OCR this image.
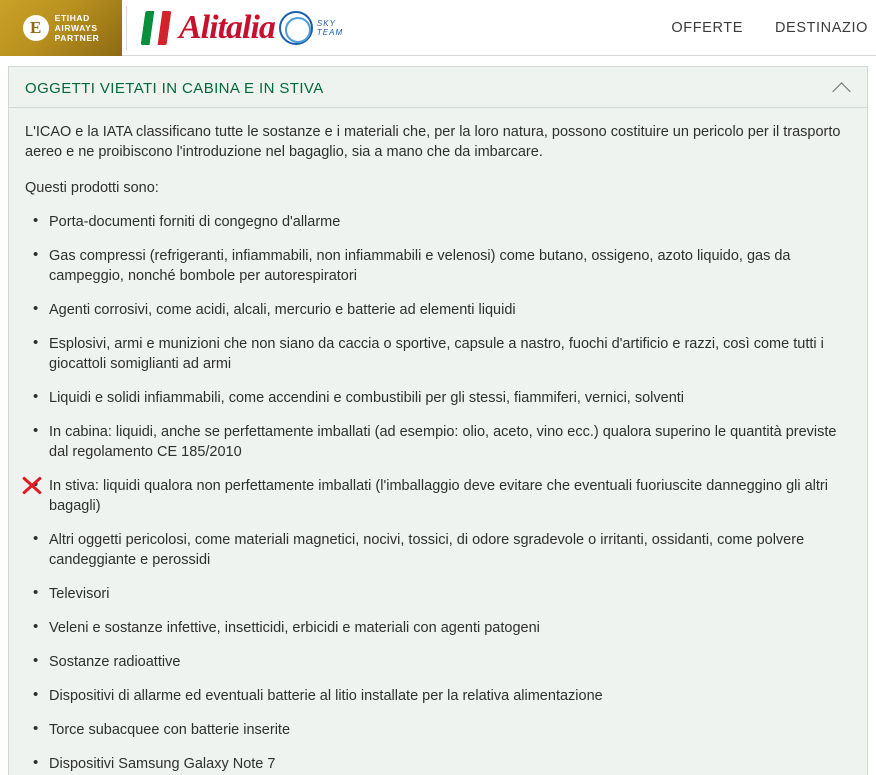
E	ETIHAD
AIRWAYS
PARTNER Alitalia	SKY
TEAM	OFFERTE DESTINAZIO
OGGETTI VIETATI IN CABINA E IN STIVA

L'ICAO e la IATA classificano tutte le sostanze e i materiali che, per la loro natura, possono costituire un pericolo per il trasporto aereo e ne proibiscono l'introduzione nel bagaglio, sia a mano che da imbarcare.

Questi prodotti sono:

• Porta-documenti forniti di congegno d'allarme
• Gas compressi (refrigeranti, infiammabili, non infiammabili e velenosi) come butano, ossigeno, azoto liquido, gas da campeggio, nonché bombole per autorespiratori
• Agenti corrosivi, come acidi, alcali, mercurio e batterie ad elementi liquidi
• Esplosivi, armi e munizioni che non siano da caccia o sportive, capsule a nastro, fuochi d'artificio e razzi, così come tutti i giocattoli somiglianti ad armi
• Liquidi e solidi infiammabili, come accendini e combustibili per gli stessi, fiammiferi, vernici, solventi
• In cabina: liquidi, anche se perfettamente imballati (ad esempio: olio, aceto, vino ecc.) qualora superino le quantità previste dal regolamento CE 185/2010
• In stiva: liquidi qualora non perfettamente imballati (l'imballaggio deve evitare che eventuali fuoriuscite danneggino gli altri bagagli)
• Altri oggetti pericolosi, come materiali magnetici, nocivi, tossici, di odore sgradevole o irritanti, ossidanti, come polvere candeggiante e perossidi
• Televisori
• Veleni e sostanze infettive, insetticidi, erbicidi e materiali con agenti patogeni
• Sostanze radioattive
• Dispositivi di allarme ed eventuali batterie al litio installate per la relativa alimentazione
• Torce subacquee con batterie inserite
• Dispositivi Samsung Galaxy Note 7
